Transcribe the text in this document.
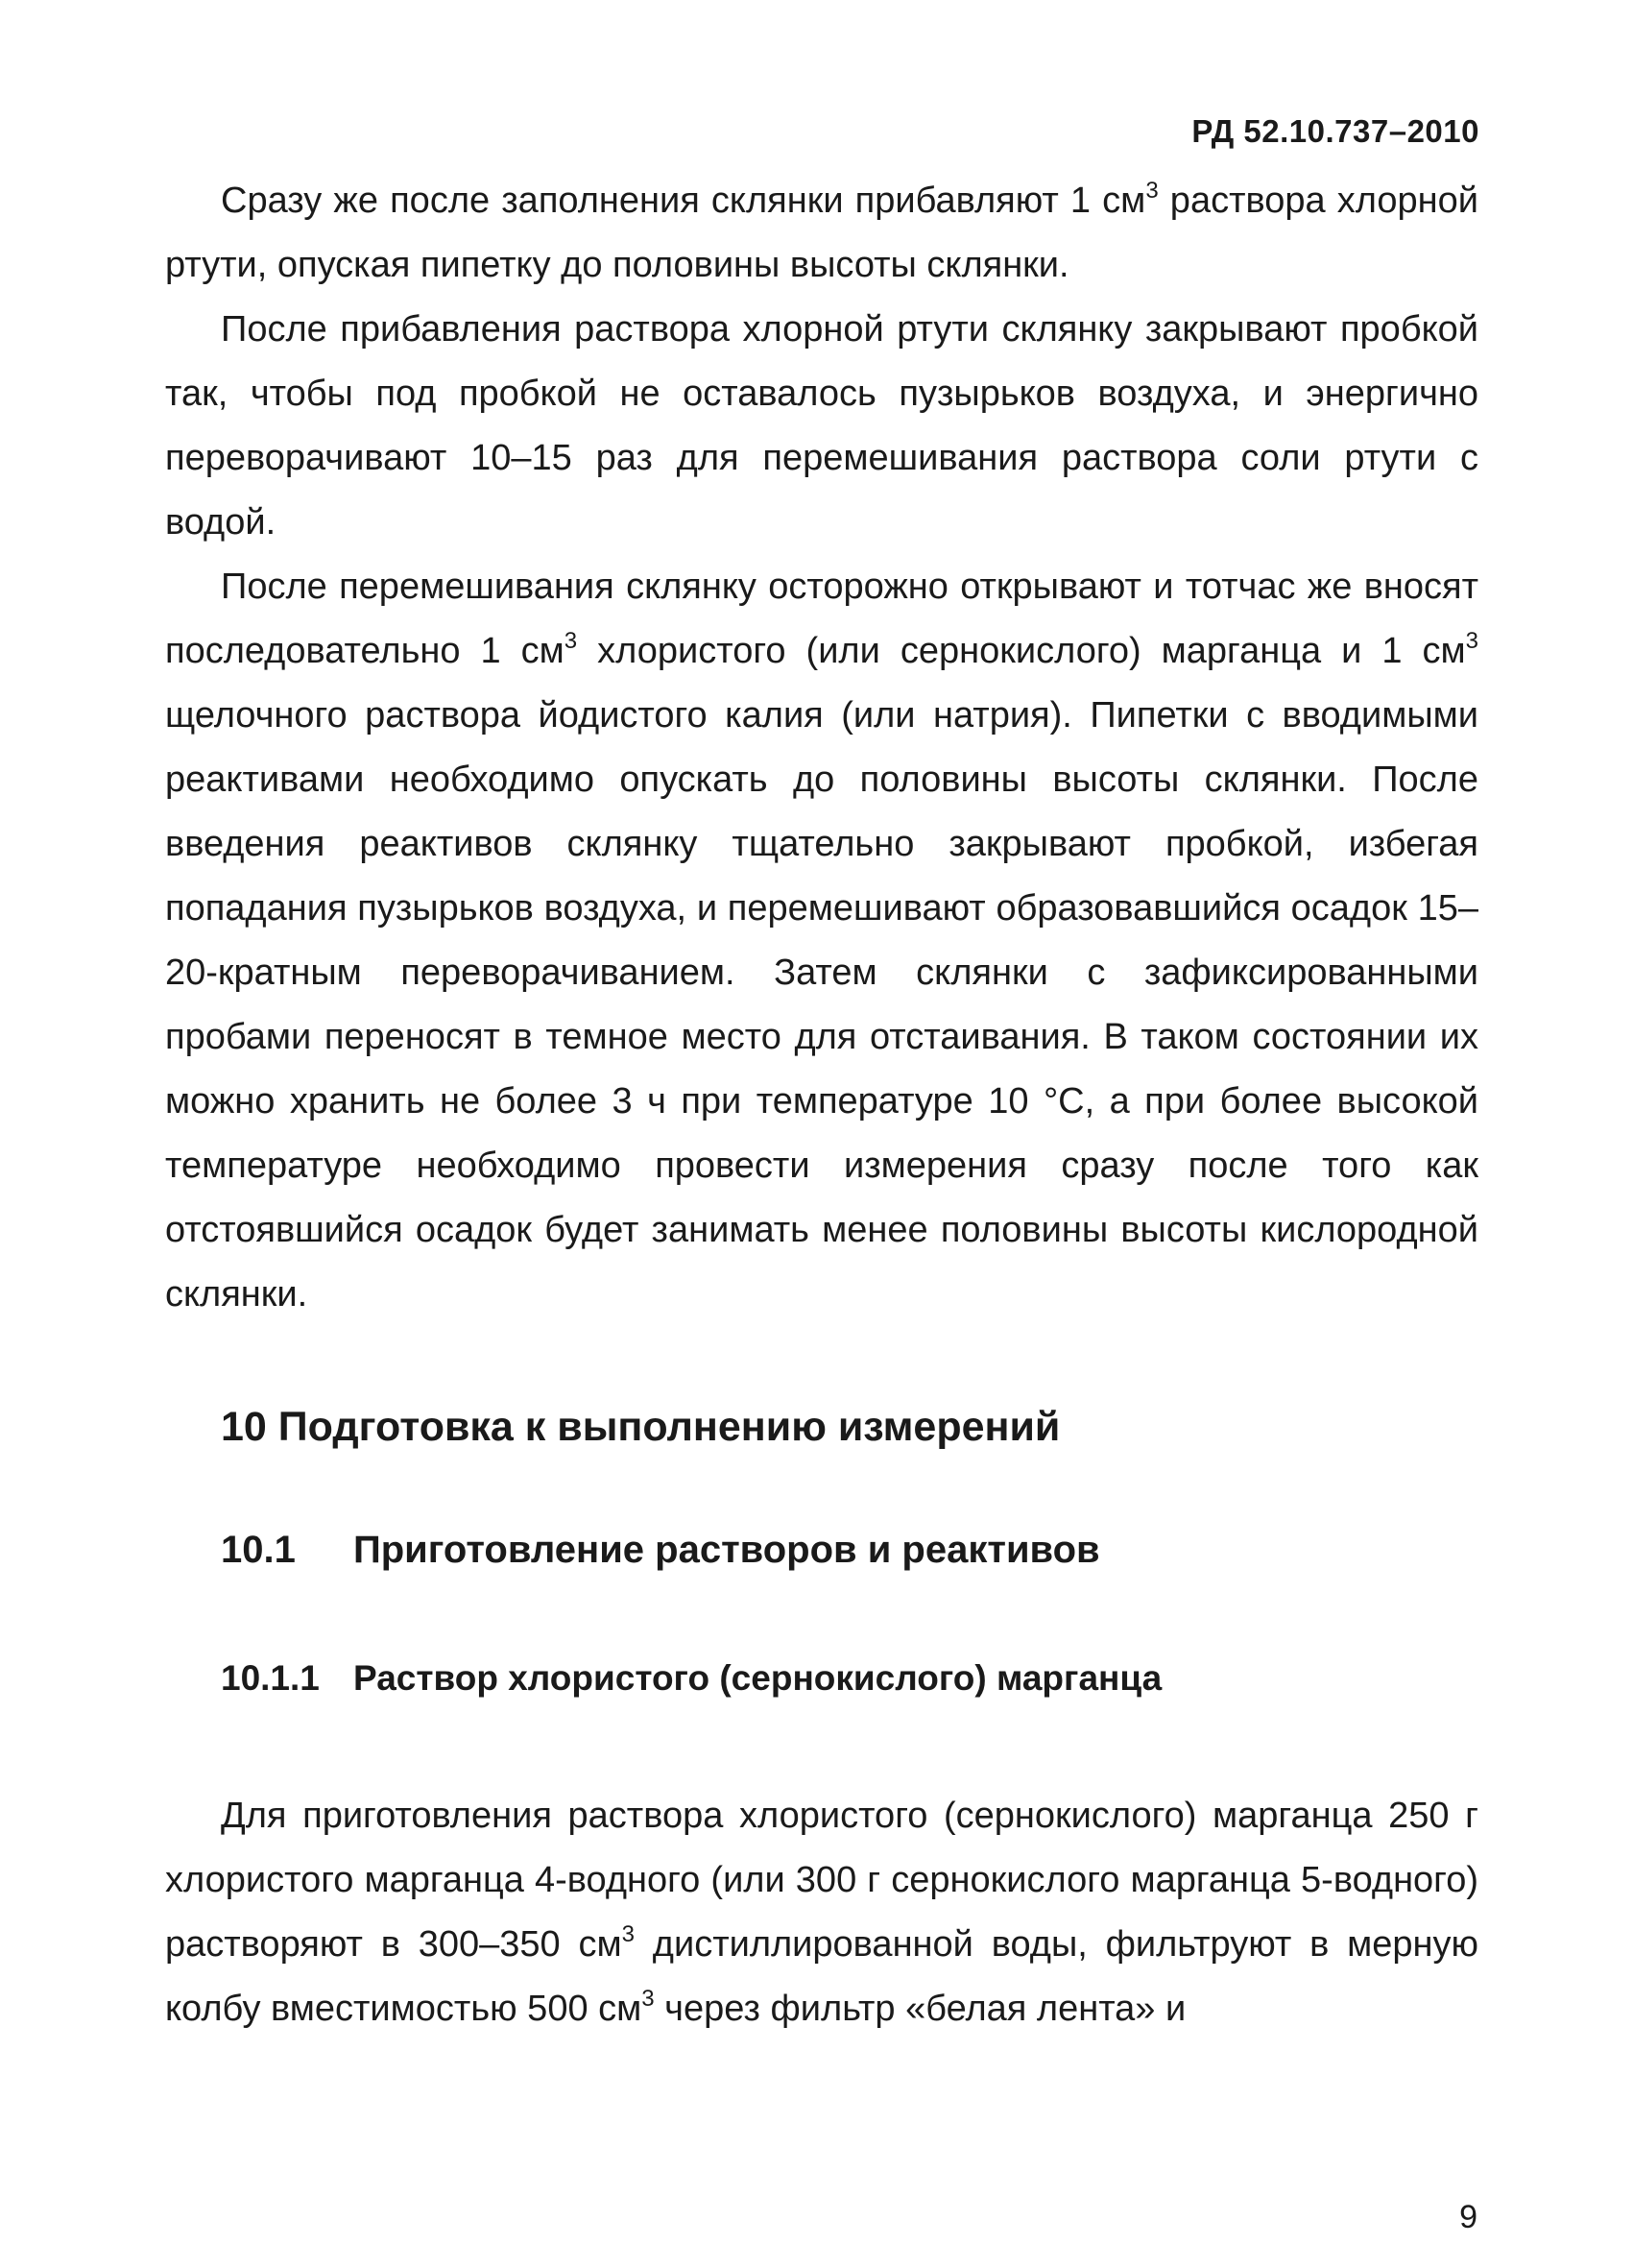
РД 52.10.737–2010

Сразу же после заполнения склянки прибавляют 1 $см^3$ раствора хлорной ртути, опуская пипетку до половины высоты склянки.

После прибавления раствора хлорной ртути склянку закрывают пробкой так, чтобы под пробкой не оставалось пузырьков воздуха, и энергично переворачивают 10–15 раз для перемешивания раствора соли ртути с водой.

После перемешивания склянку осторожно открывают и тотчас же вносят последовательно 1 $см^3$ хлористого (или сернокислого) марганца и 1 $см^3$ щелочного раствора йодистого калия (или натрия). Пипетки с вводимыми реактивами необходимо опускать до половины высоты склянки. После введения реактивов склянку тщательно закрывают пробкой, избегая попадания пузырьков воздуха, и перемешивают образовавшийся осадок 15–20-кратным переворачиванием. Затем склянки с зафиксированными пробами переносят в темное место для отстаивания. В таком состоянии их можно хранить не более 3 ч при температуре 10 °С, а при более высокой температуре необходимо провести измерения сразу после того как отстоявшийся осадок будет занимать менее половины высоты кислородной склянки.

10 Подготовка к выполнению измерений
10.1	Приготовление растворов и реактивов
10.1.1 Раствор хлористого (сернокислого) марганца

Для приготовления раствора хлористого (сернокислого) марганца 250 г хлористого марганца 4-водного (или 300 г сернокислого марганца 5-водного) растворяют в 300–350 $см^3$ дистиллированной воды, фильтруют в мерную колбу вместимостью 500 $см^3$ через фильтр «белая лента» и

9
